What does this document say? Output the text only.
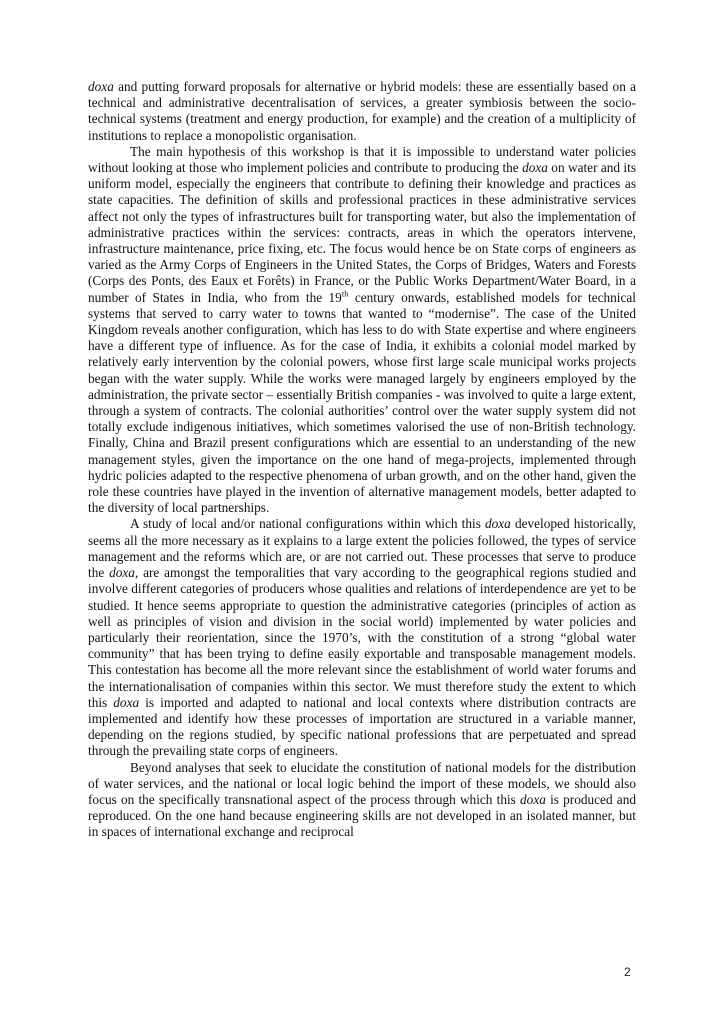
doxa and putting forward proposals for alternative or hybrid models: these are essentially based on a technical and administrative decentralisation of services, a greater symbiosis between the socio-technical systems (treatment and energy production, for example) and the creation of a multiplicity of institutions to replace a monopolistic organisation.

The main hypothesis of this workshop is that it is impossible to understand water policies without looking at those who implement policies and contribute to producing the doxa on water and its uniform model, especially the engineers that contribute to defining their knowledge and practices as state capacities. The definition of skills and professional practices in these administrative services affect not only the types of infrastructures built for transporting water, but also the implementation of administrative practices within the services: contracts, areas in which the operators intervene, infrastructure maintenance, price fixing, etc. The focus would hence be on State corps of engineers as varied as the Army Corps of Engineers in the United States, the Corps of Bridges, Waters and Forests (Corps des Ponts, des Eaux et Forêts) in France, or the Public Works Department/Water Board, in a number of States in India, who from the 19th century onwards, established models for technical systems that served to carry water to towns that wanted to “modernise”. The case of the United Kingdom reveals another configuration, which has less to do with State expertise and where engineers have a different type of influence. As for the case of India, it exhibits a colonial model marked by relatively early intervention by the colonial powers, whose first large scale municipal works projects began with the water supply. While the works were managed largely by engineers employed by the administration, the private sector – essentially British companies - was involved to quite a large extent, through a system of contracts. The colonial authorities’ control over the water supply system did not totally exclude indigenous initiatives, which sometimes valorised the use of non-British technology. Finally, China and Brazil present configurations which are essential to an understanding of the new management styles, given the importance on the one hand of mega-projects, implemented through hydric policies adapted to the respective phenomena of urban growth, and on the other hand, given the role these countries have played in the invention of alternative management models, better adapted to the diversity of local partnerships.

A study of local and/or national configurations within which this doxa developed historically, seems all the more necessary as it explains to a large extent the policies followed, the types of service management and the reforms which are, or are not carried out. These processes that serve to produce the doxa, are amongst the temporalities that vary according to the geographical regions studied and involve different categories of producers whose qualities and relations of interdependence are yet to be studied. It hence seems appropriate to question the administrative categories (principles of action as well as principles of vision and division in the social world) implemented by water policies and particularly their reorientation, since the 1970’s, with the constitution of a strong “global water community” that has been trying to define easily exportable and transposable management models. This contestation has become all the more relevant since the establishment of world water forums and the internationalisation of companies within this sector. We must therefore study the extent to which this doxa is imported and adapted to national and local contexts where distribution contracts are implemented and identify how these processes of importation are structured in a variable manner, depending on the regions studied, by specific national professions that are perpetuated and spread through the prevailing state corps of engineers.

Beyond analyses that seek to elucidate the constitution of national models for the distribution of water services, and the national or local logic behind the import of these models, we should also focus on the specifically transnational aspect of the process through which this doxa is produced and reproduced. On the one hand because engineering skills are not developed in an isolated manner, but in spaces of international exchange and reciprocal

2
